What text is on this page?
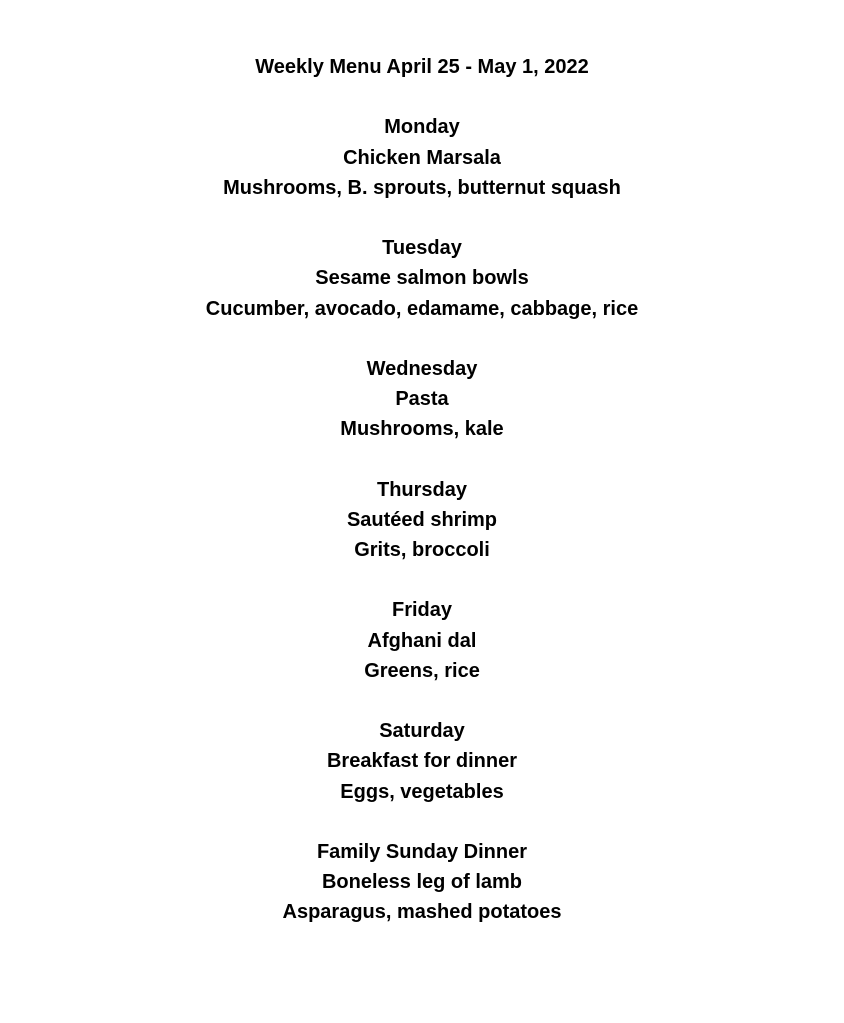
Weekly Menu April 25 - May 1, 2022
Monday
Chicken Marsala
Mushrooms, B. sprouts, butternut squash
Tuesday
Sesame salmon bowls
Cucumber, avocado, edamame, cabbage, rice
Wednesday
Pasta
Mushrooms, kale
Thursday
Sautéed shrimp
Grits, broccoli
Friday
Afghani dal
Greens, rice
Saturday
Breakfast for dinner
Eggs, vegetables
Family Sunday Dinner
Boneless leg of lamb
Asparagus, mashed potatoes
